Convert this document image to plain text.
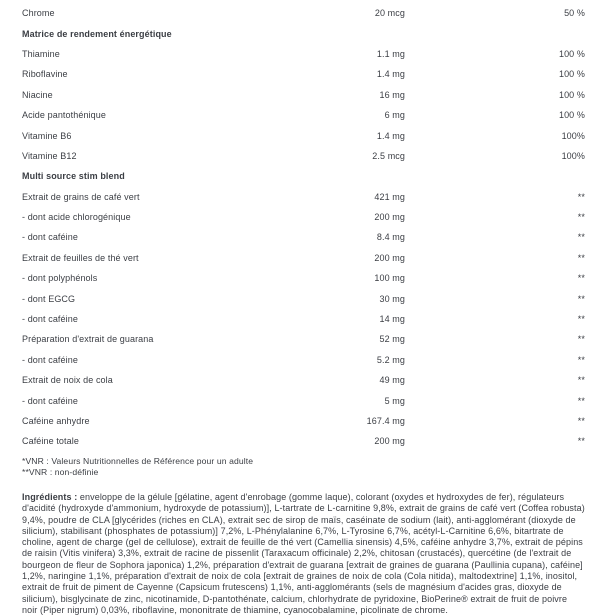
Chrome	20 mcg	50 %
Matrice de rendement énergétique
Thiamine	1.1 mg	100 %
Riboflavine	1.4 mg	100 %
Niacine	16 mg	100 %
Acide pantothénique	6 mg	100 %
Vitamine B6	1.4 mg	100%
Vitamine B12	2.5 mcg	100%
Multi source stim blend
Extrait de grains de café vert	421 mg	**
- dont acide chlorogénique	200 mg	**
- dont caféine	8.4 mg	**
Extrait de feuilles de thé vert	200 mg	**
- dont polyphénols	100 mg	**
- dont EGCG	30 mg	**
- dont caféine	14 mg	**
Préparation d'extrait de guarana	52 mg	**
- dont caféine	5.2 mg	**
Extrait de noix de cola	49 mg	**
- dont caféine	5 mg	**
Caféine anhydre	167.4 mg	**
Caféine totale	200 mg	**
*VNR : Valeurs Nutritionnelles de Référence pour un adulte
**VNR : non-définie

Ingrédients : enveloppe de la gélule [gélatine, agent d'enrobage (gomme laque), colorant (oxydes et hydroxydes de fer), régulateurs d'acidité (hydroxyde d'ammonium, hydroxyde de potassium)], L-tartrate de L-carnitine 9,8%, extrait de grains de café vert (Coffea robusta) 9,4%, poudre de CLA [glycérides (riches en CLA), extrait sec de sirop de maïs, caséinate de sodium (lait), anti-agglomérant (dioxyde de silicium), stabilisant (phosphates de potassium)] 7,2%, L-Phénylalanine 6,7%, L-Tyrosine 6,7%, acétyl-L-Carnitine 6,6%, bitartrate de choline, agent de charge (gel de cellulose), extrait de feuille de thé vert (Camellia sinensis) 4,5%, caféine anhydre 3,7%, extrait de pépins de raisin (Vitis vinifera) 3,3%, extrait de racine de pissenlit (Taraxacum officinale) 2,2%, chitosan (crustacés), quercétine (de l'extrait de bourgeon de fleur de Sophora japonica) 1,2%, préparation d'extrait de guarana [extrait de graines de guarana (Paullinia cupana), caféine] 1,2%, naringine 1,1%, préparation d'extrait de noix de cola [extrait de graines de noix de cola (Cola nitida), maltodextrine] 1,1%, inositol, extrait de fruit de piment de Cayenne (Capsicum frutescens) 1,1%, anti-agglomérants (sels de magnésium d'acides gras, dioxyde de silicium), bisglycinate de zinc, nicotinamide, D-pantothénate, calcium, chlorhydrate de pyridoxine, BioPerine® extrait de fruit de poivre noir (Piper nigrum) 0,03%, riboflavine, mononitrate de thiamine, cyanocobalamine, picolinate de chrome.
